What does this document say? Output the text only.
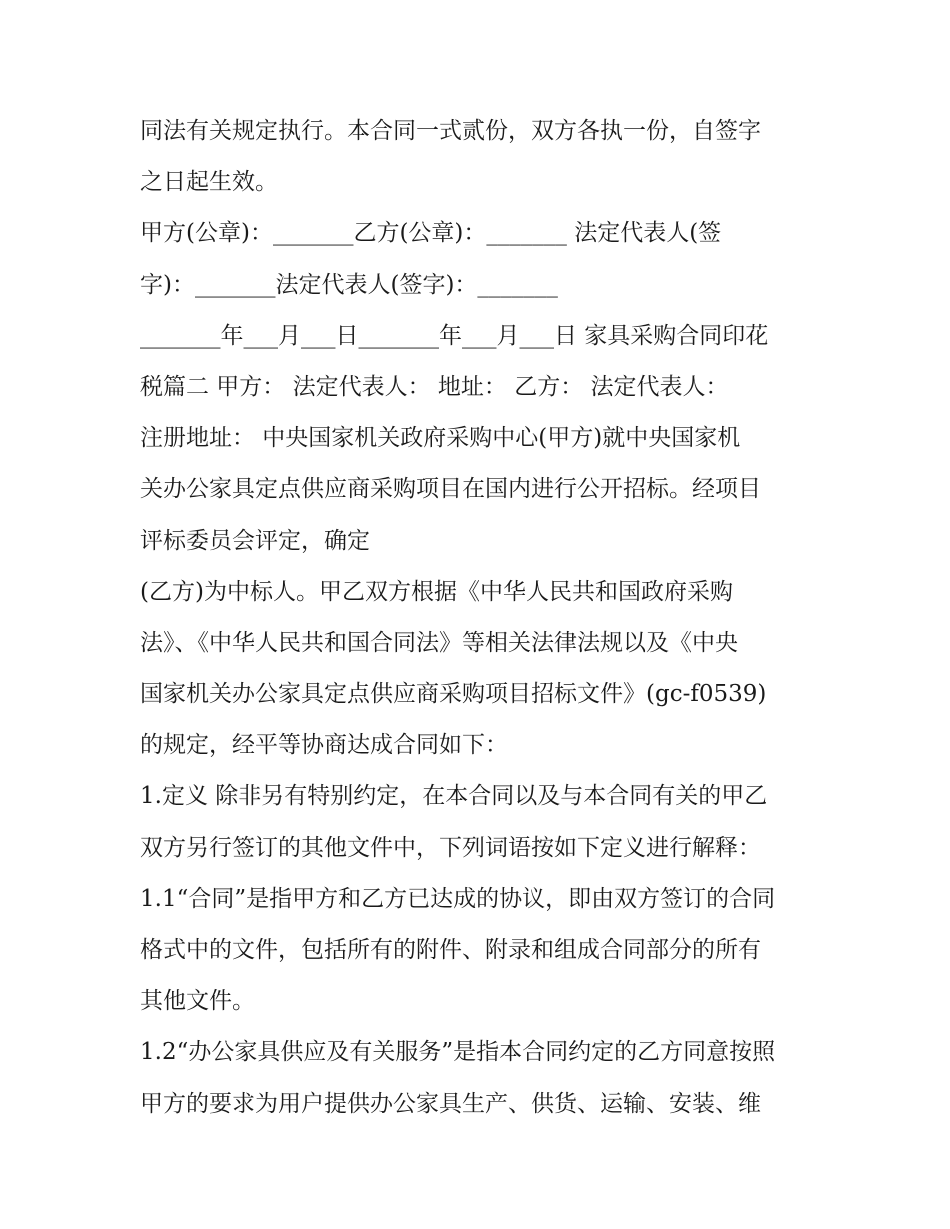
同法有关规定执行。本合同一式贰份，双方各执一份，自签字
之日起生效。
甲方(公章)：_______乙方(公章)：_______ 法定代表人(签
字)：_______法定代表人(签字)：_______
_______年___月___日_______年___月___日 家具采购合同印花
税篇二 甲方： 法定代表人： 地址： 乙方： 法定代表人：
注册地址： 中央国家机关政府采购中心(甲方)就中央国家机
关办公家具定点供应商采购项目在国内进行公开招标。经项目
评标委员会评定，确定
(乙方)为中标人。甲乙双方根据《中华人民共和国政府采购
法》、《中华人民共和国合同法》等相关法律法规以及《中央
国家机关办公家具定点供应商采购项目招标文件》(gc-f0539)
的规定，经平等协商达成合同如下：
1.定义 除非另有特别约定，在本合同以及与本合同有关的甲乙
双方另行签订的其他文件中，下列词语按如下定义进行解释：
1.1“合同”是指甲方和乙方已达成的协议，即由双方签订的合同
格式中的文件，包括所有的附件、附录和组成合同部分的所有
其他文件。
1.2“办公家具供应及有关服务”是指本合同约定的乙方同意按照
甲方的要求为用户提供办公家具生产、供货、运输、安装、维
